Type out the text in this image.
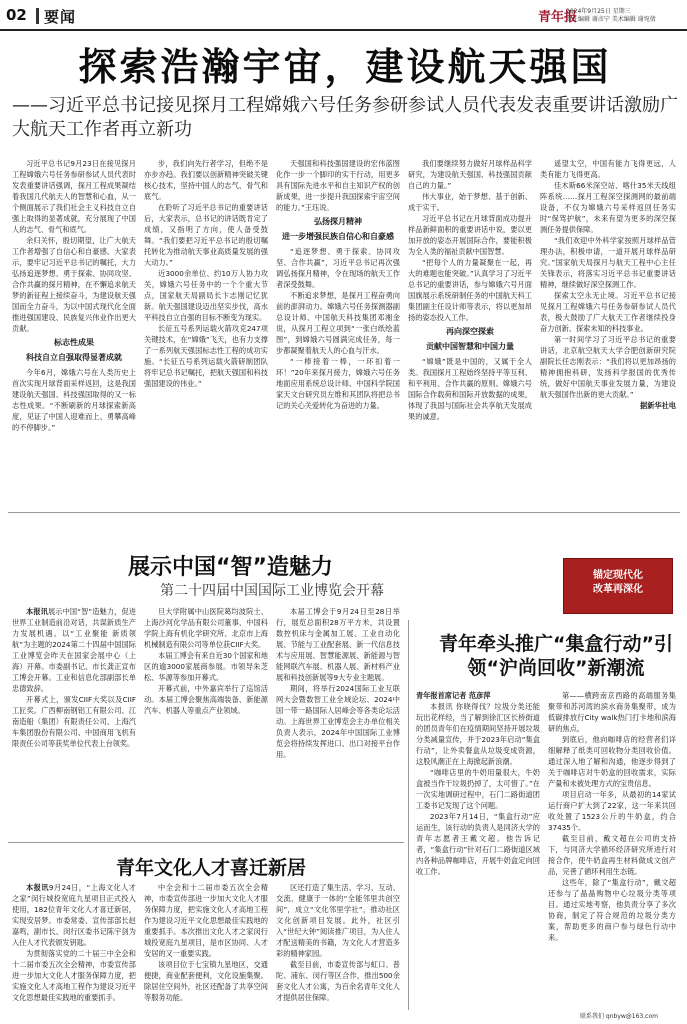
02 要闻	青年报
2024年9月25日 星期三
责任编辑 谢彦宁 美术编辑 谢宛倩
探索浩瀚宇宙，建设航天强国
——习近平总书记接见探月工程嫦娥六号任务参研参试人员代表发表重要讲话激励广大航天工作者再立新功

习近平总书记9月23日在接见探月工程嫦娥六号任务参研参试人员代表时发表重要讲话强调，探月工程成果凝结着我国几代航天人的智慧和心血，从一个侧面展示了我们社会主义科技自立自强上取得的显著成就，充分展现了中国人的志气、骨气和底气。

余归关怀，殷切期望，让广大航天工作者增强了自信心和自豪感。大家表示，要牢记习近平总书记的嘱托，大力弘扬追逐梦想、勇于探索、协同攻坚、合作共赢的探月精神，在不懈追求航天梦的新征程上接续奋斗，为建设航天强国而全力奋斗，为以中国式现代化全面推进强国建设、民族复兴伟业作出更大贡献。

标志性成果
科技自立自强取得显著成就

今年6月，嫦娥六号在人类历史上首次实现月球背面采样返回，这是我国建设航天强国、科技强国取得的又一标志性成果。“不断刷新的月球探索新高度，见证了中国人迎难而上、勇攀高峰的不停脚步。”

步，我们向先行者学习，但绝不是亦步亦趋。我们要以创新精神突破关键核心技术，坚持中国人的志气、骨气和底气。

在聆听了习近平总书记的重要讲话后，大家表示，总书记的讲话既肯定了成绩，又指明了方向，使人备受鼓舞。“我们要把习近平总书记的殷切嘱托转化为推动航天事业高质量发展的强大动力。”

近3000余单位、约10万人协力攻关，嫦娥六号任务中的一个个重大节点，国家航天局副局长卞志刚记忆犹新。航天强国建设迈出坚实步伐，高水平科技自立自强的目标不断变为现实。

长征五号系列运载火箭攻克247项关键技术，在“嫦娥”飞天，也有力支撑了一系列航天强国标志性工程的成功实施。“长征五号系列运载火箭研制团队将牢记总书记嘱托，把航天强国和科技强国建设的伟业。”

天强国和科技强国建设的宏伟蓝图化作一步一个脚印的实干行动，用更多具有国际先进水平和自主知识产权的创新成果，进一步提升我国探索宇宙空间的能力。”王珏说。

弘扬探月精神
进一步增强民族自信心和自豪感

“追逐梦想、勇于探索、协同攻坚、合作共赢”，习近平总书记再次强调弘扬探月精神，令在现场的航天工作者深受鼓舞。

不断追求梦想，是探月工程奋勇向前的澎湃动力。嫦娥六号任务探测器副总设计师、中国航天科技集团邓湘金说，从探月工程立项到“一张白纸绘蓝图”，到嫦娥六号圆满完成任务，每一步都凝聚着航天人的心血与汗水。

“一棒接着一棒，一环扣着一环！”20年来探月接力，嫦娥六号任务地面应用系统总设计师、中国科学院国家天文台研究员左维和其团队将把总书记的关心关爱转化为奋进的力量。

我们要继续努力做好月球样品科学研究，为建设航天强国、科技强国贡献自己的力量。”

伟大事业，始于梦想、基于创新、成于实干。

习近平总书记在月球背面成功提升样品新鲜面积的重要讲话中说，要以更加开放的姿态开展国际合作，要能积极为全人类的福祉贡献中国智慧。

“把每个人的力量凝聚在一起，再大的难题也能突破。”认真学习了习近平总书记的重要讲话，参与嫦娥六号月面国旗展示系统研制任务的中国航天科工集团副主任设计师等表示，将以更加昂扬的姿态投入工作。

再向深空探索
贡献中国智慧和中国力量

“嫦娥”既是中国的，又属于全人类。我国探月工程始终坚持平等互利、和平利用、合作共赢的原则。嫦娥六号国际合作载荷和国际开放数据的成果，体现了我国与国际社会共享航天发展成果的诚意。

遥望太空，中国有能力飞得更远，人类有能力飞得更高。

佳木斯66米深空站、喀什35米天线组阵系统……探月工程深空探测网的最前端设备，不仅为嫦娥六号采样返回任务实时“保驾护航”，未来有望为更多的深空探测任务提供保障。

“我们欢迎中外科学家按照月球样品管理办法，积极申请，一道开展月球样品研究。”国家航天局探月与航天工程中心主任关锋表示，将落实习近平总书记重要讲话精神，继续做好深空探测工作。

探索太空永无止境。习近平总书记接见探月工程嫦娥六号任务参研参试人员代表，极大鼓励了广大航天工作者继续投身奋力创新、探索未知的科技事业。

第一时间学习了习近平总书记的重要讲话，北京航空航天大学合肥创新研究院副院长任志刚表示：“我们将以更加昂扬的精神拥抱科研，发扬科学报国的优秀传统，做好中国航天事业发展力量，为建设航天强国作出新的更大贡献。”

据新华社电
展示中国“智”造魅力
第二十四届中国国际工业博览会开幕
锚定现代化
改革再深化

本报讯展示中国“智”造魅力，促进世界工业制造前沿对话，共谋新质生产力发展机遇。以“工业聚能 新质领航”为主题的2024第二十四届中国国际工业博览会昨天在国家会展中心（上海）开幕。市委副书记、市长龚正宣布工博会开幕。工业和信息化部副部长单忠德致辞。

开幕式上，颁发CIIF大奖以及CIIF工匠奖。广西柳南钢铝工有限公司、江南造船（集团）有限责任公司、上海汽车集团股份有限公司、中国商用飞机有限责任公司等获奖单位代表上台领奖。

旦大学附属中山医院葛均波院士、上海沙河化学品有限公司董事、中国科学院上海有机化学研究所、北京市上海机械制造有限公司等单位获CIIF大奖。

本届工博会有来自近30个国家和地区的逾3000家展商参展。市领导朱芝松、华源等参加开幕式。

开幕式前，中外嘉宾举行了巡馆活动。本届工博会聚焦高端装备、新能源汽车、机器人等重点产业领域。

本届工博会于9月24日至28日举行，展览总面积28万平方米，共设置数控机床与金属加工展、工业自动化展、节能与工业配套展、新一代信息技术与应用展、智慧能源展、新能源与智能网联汽车展、机器人展、新材料产业展和科技创新展等9大专业主题展。

期间，将举行2024国际工业互联网大会暨数智工业全域论坛、2024中国一带一路国际人居峰会等各类论坛活动。上海世界工业博览会主办单位相关负责人表示，2024年中国国际工业博览会将持续发挥进口、出口对接平台作用。

青年牵头推广“集盒行动”引领“沪尚回收”新潮流
青年报首席记者 范彦萍

本报讯 你晓得伐？垃圾分类还能玩出花样经，当了解到徐汇区长桥街道的团员青年们在疫情期间坚持开展垃圾分类减量宣传，并于2023年启动“集盒行动”，让外卖餐盒从垃圾变成资源，这股风潮正在上海掀起新浪潮。

“咖啡店里的牛奶用量很大，牛奶盒被当作干垃圾扔掉了，太可惜了。”在一次实地调研过程中，石门二路街道团工委书记发现了这个问题。

2023年7月14日，“集盒行动”应运而生，该行动的负责人是同济大学的青年志愿者王戴文超。他告诉记者，“集盒行动”针对石门二路街道区域内各种品牌咖啡店，开展牛奶盒定向回收工作。

第——横跨南京西路的高端服务集聚带和苏河湾的滨水商务集聚带，成为低碳排放行City walk热门打卡地和滨海研的焦点。

到底后，他向咖啡店的经营者们详细解释了纸类可回收物分类回收价值。通过深入地了解和沟通，他逐步得到了关于咖啡店对牛奶盒的回收需求，实际产量和未被处理方式的宝贵信息。

项目启动一年多，从最初的14家试运行商户扩大到了22家，这一年来共回收处置了1523公斤的牛奶盒，约合37435个。

截至目前，戴文超在公司的支持下，与同济大学循环经济研究所进行对接合作，使牛奶盒再生材料做成文创产品，完善了循环利用生态链。

这些年，除了“集盒行动”，戴文超还参与了晶晶购物中心垃圾分类等项目。通过实地考察，他负责分享了多次协商，制定了符合规范的垃圾分类方案，帮助更多的商户参与绿色行动中来。

青年文化人才喜迁新居

本报讯9月24日，“上海文化人才之家”闵行城投宽庭九星项目正式投入使用，182位青年文化人才喜迁新居，实现安居梦。市委常委、宣传部部长赵嘉鸣，副市长、闵行区委书记陈宇剑为入住人才代表颁发钥匙。

为贯彻落实党的二十届三中全会和十二届市委五次全会精神，市委宣传部进一步加大文化人才服务保障力度，把实施文化人才高地工程作为建设习近平文化思想最佳实践地的重要抓手。

中全会和十二届市委五次全会精神，市委宣传部进一步加大文化人才服务保障力度，把实施文化人才高地工程作为建设习近平文化思想最佳实践地的重要抓手。本次推出文化人才之家闵行城投宽庭九星项目，是市区协同、人才安居的又一重要实践。

该项目位于七宝镇九星地区，交通便捷，商业配套便利，文化设施集聚。除居住空间外，社区还配备了共享空间等服务功能。

区还打造了集生活、学习、互动、交流、健康于一体的“全能邻里共创空间”，成立“文化邻里学社”，推动社区文化创新项目发展。此外，社区引入“世纪大钟”阅读推广项目，为入住人才配送精美的书籍，为文化人才营造多彩的精神家园。

截至目前，市委宣传部与虹口、普陀、浦东、闵行等区合作，推出500余套文化人才公寓，为百余名青年文化人才提供居住保障。

联系我们 qnbyw@163.com
